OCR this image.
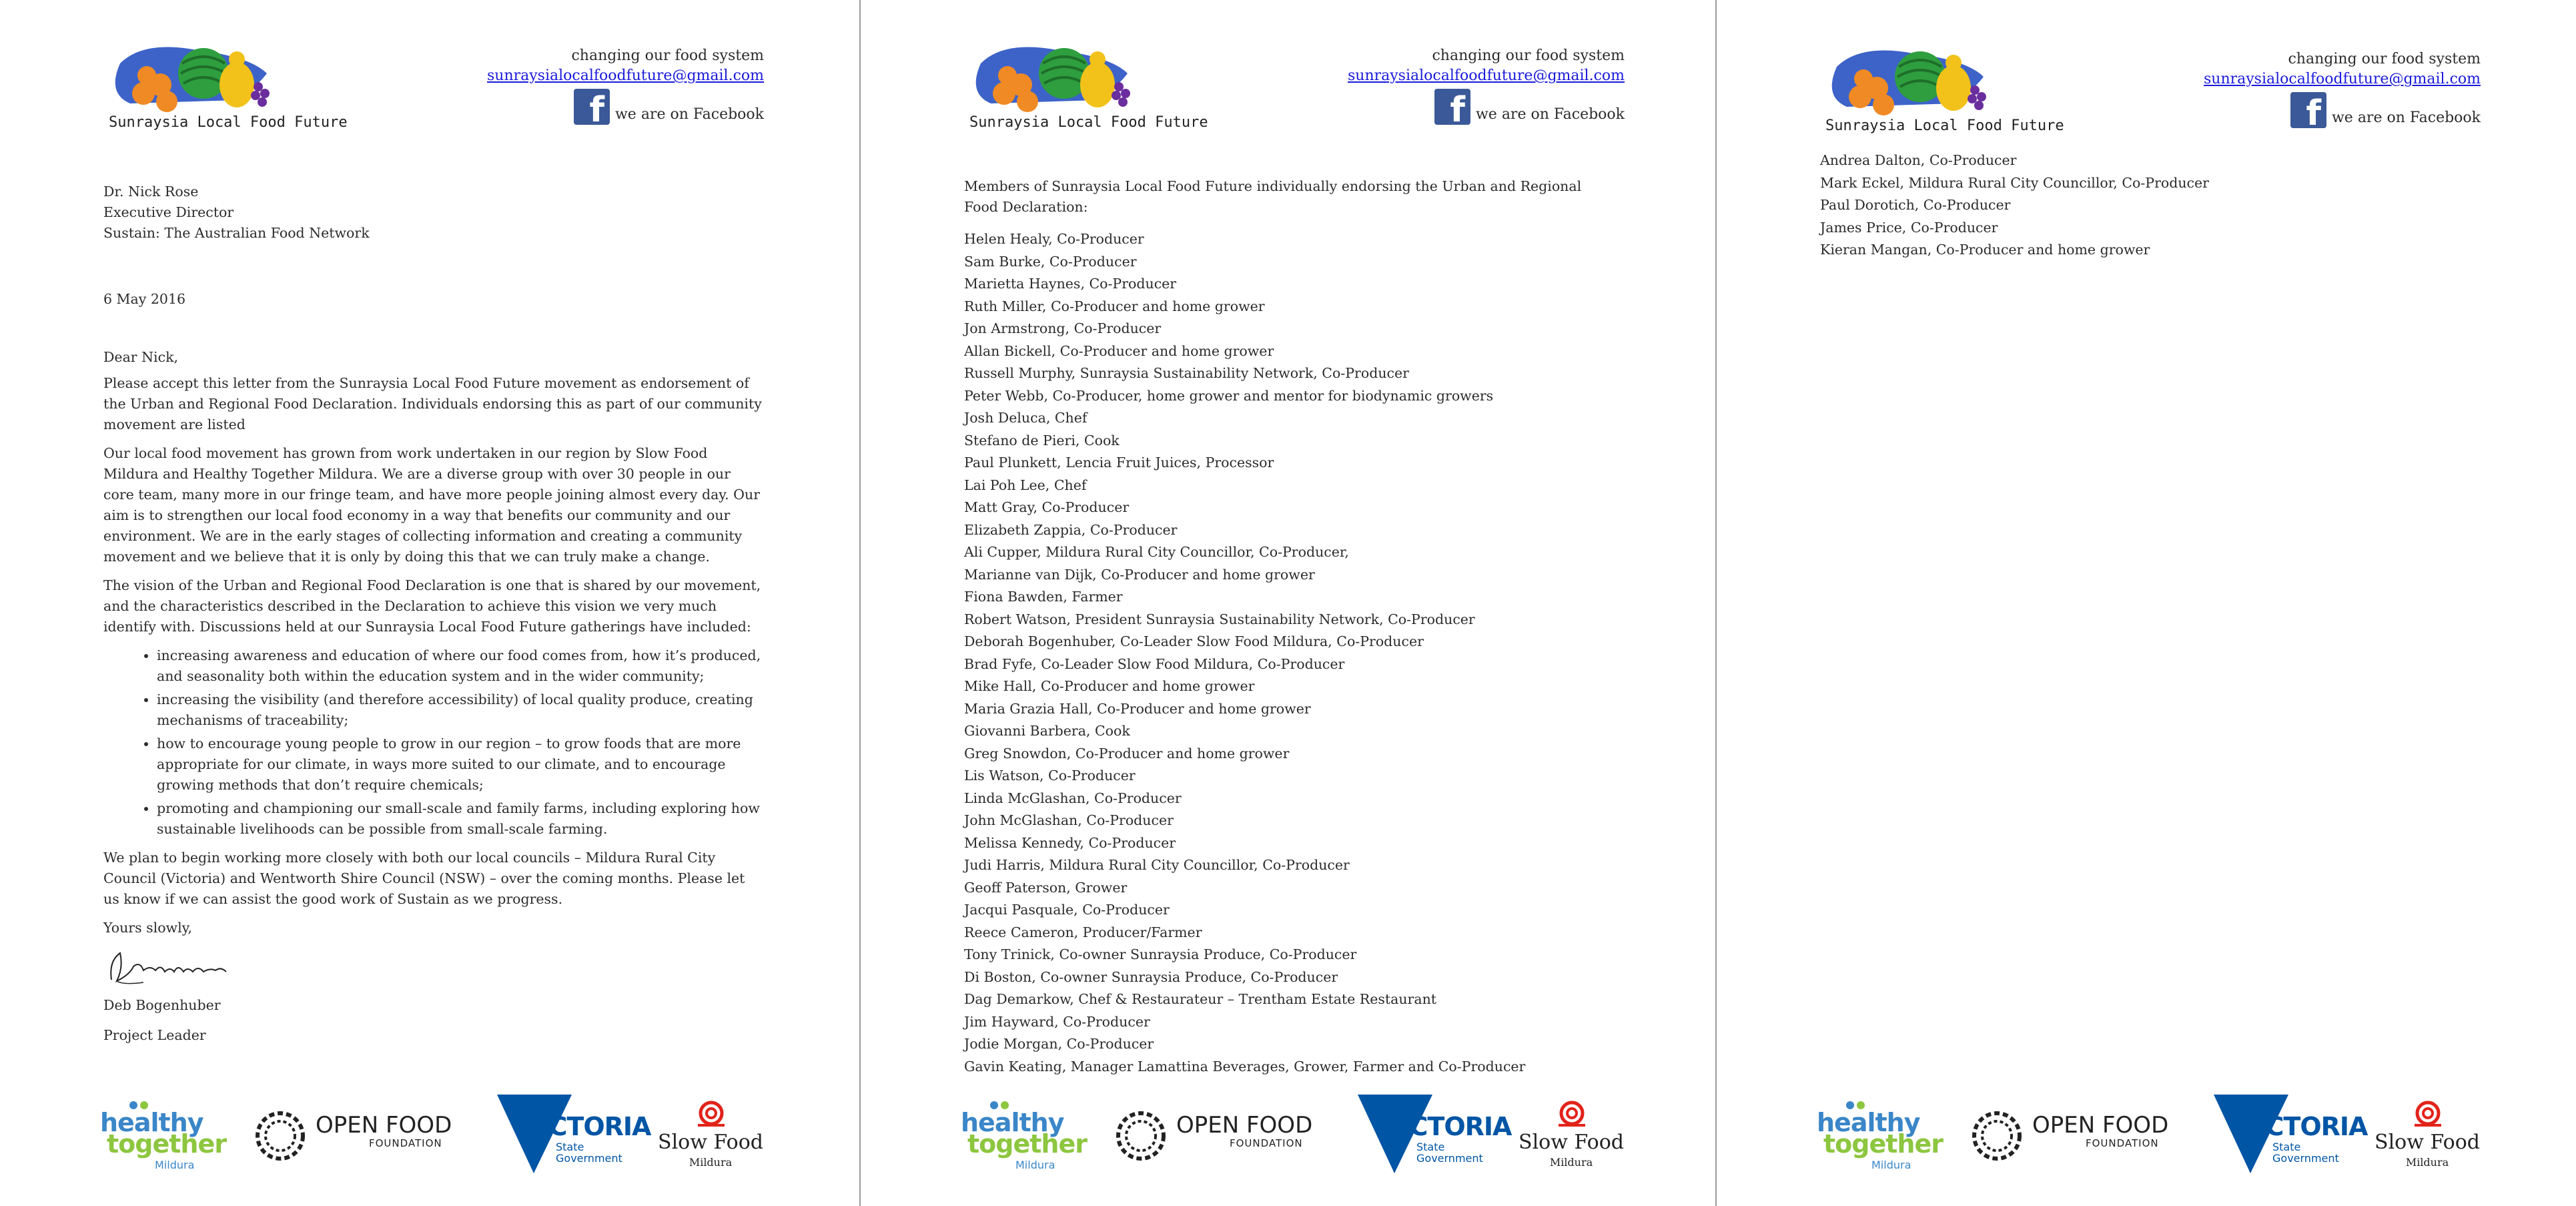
Sunraysia Local Food Future
changing our food system
sunraysialocalfoodfuture@gmail.com
f we are on Facebook

Dr. Nick Rose

Executive Director

Sustain: The Australian Food Network

6 May 2016

Dear Nick,

Please accept this letter from the Sunraysia Local Food Future movement as endorsement of the Urban and Regional Food Declaration. Individuals endorsing this as part of our community movement are listed

Our local food movement has grown from work undertaken in our region by Slow Food Mildura and Healthy Together Mildura. We are a diverse group with over 30 people in our core team, many more in our fringe team, and have more people joining almost every day. Our aim is to strengthen our local food economy in a way that benefits our community and our environment. We are in the early stages of collecting information and creating a community movement and we believe that it is only by doing this that we can truly make a change.

The vision of the Urban and Regional Food Declaration is one that is shared by our movement, and the characteristics described in the Declaration to achieve this vision we very much identify with. Discussions held at our Sunraysia Local Food Future gatherings have included:

• increasing awareness and education of where our food comes from, how it’s produced, and seasonality both within the education system and in the wider community;
• increasing the visibility (and therefore accessibility) of local quality produce, creating mechanisms of traceability;
• how to encourage young people to grow in our region – to grow foods that are more appropriate for our climate, in ways more suited to our climate, and to encourage growing methods that don’t require chemicals;
• promoting and championing our small-scale and family farms, including exploring how sustainable livelihoods can be possible from small-scale farming.

We plan to begin working more closely with both our local councils – Mildura Rural City Council (Victoria) and Wentworth Shire Council (NSW) – over the coming months. Please let us know if we can assist the good work of Sustain as we progress.

Yours slowly,

Deb Bogenhuber

Project Leader

healthy
together
Mildura
OPEN FOOD
FOUNDATION
VICTORIA
State
Government
Slow Food
Mildura
Sunraysia Local Food Future
changing our food system
sunraysialocalfoodfuture@gmail.com
f we are on Facebook

Members of Sunraysia Local Food Future individually endorsing the Urban and Regional Food Declaration:

Helen Healy, Co-Producer

Sam Burke, Co-Producer

Marietta Haynes, Co-Producer

Ruth Miller, Co-Producer and home grower

Jon Armstrong, Co-Producer

Allan Bickell, Co-Producer and home grower

Russell Murphy, Sunraysia Sustainability Network, Co-Producer

Peter Webb, Co-Producer, home grower and mentor for biodynamic growers

Josh Deluca, Chef

Stefano de Pieri, Cook

Paul Plunkett, Lencia Fruit Juices, Processor

Lai Poh Lee, Chef

Matt Gray, Co-Producer

Elizabeth Zappia, Co-Producer

Ali Cupper, Mildura Rural City Councillor, Co-Producer,

Marianne van Dijk, Co-Producer and home grower

Fiona Bawden, Farmer

Robert Watson, President Sunraysia Sustainability Network, Co-Producer

Deborah Bogenhuber, Co-Leader Slow Food Mildura, Co-Producer

Brad Fyfe, Co-Leader Slow Food Mildura, Co-Producer

Mike Hall, Co-Producer and home grower

Maria Grazia Hall, Co-Producer and home grower

Giovanni Barbera, Cook

Greg Snowdon, Co-Producer and home grower

Lis Watson, Co-Producer

Linda McGlashan, Co-Producer

John McGlashan, Co-Producer

Melissa Kennedy, Co-Producer

Judi Harris, Mildura Rural City Councillor, Co-Producer

Geoff Paterson, Grower

Jacqui Pasquale, Co-Producer

Reece Cameron, Producer/Farmer

Tony Trinick, Co-owner Sunraysia Produce, Co-Producer

Di Boston, Co-owner Sunraysia Produce, Co-Producer

Dag Demarkow, Chef & Restaurateur – Trentham Estate Restaurant

Jim Hayward, Co-Producer

Jodie Morgan, Co-Producer

Gavin Keating, Manager Lamattina Beverages, Grower, Farmer and Co-Producer

healthy
together
Mildura
OPEN FOOD
FOUNDATION
VICTORIA
State
Government
Slow Food
Mildura
Sunraysia Local Food Future
changing our food system
sunraysialocalfoodfuture@gmail.com
f we are on Facebook

Andrea Dalton, Co-Producer

Mark Eckel, Mildura Rural City Councillor, Co-Producer

Paul Dorotich, Co-Producer

James Price, Co-Producer

Kieran Mangan, Co-Producer and home grower

healthy
together
Mildura
OPEN FOOD
FOUNDATION
VICTORIA
State
Government
Slow Food
Mildura
